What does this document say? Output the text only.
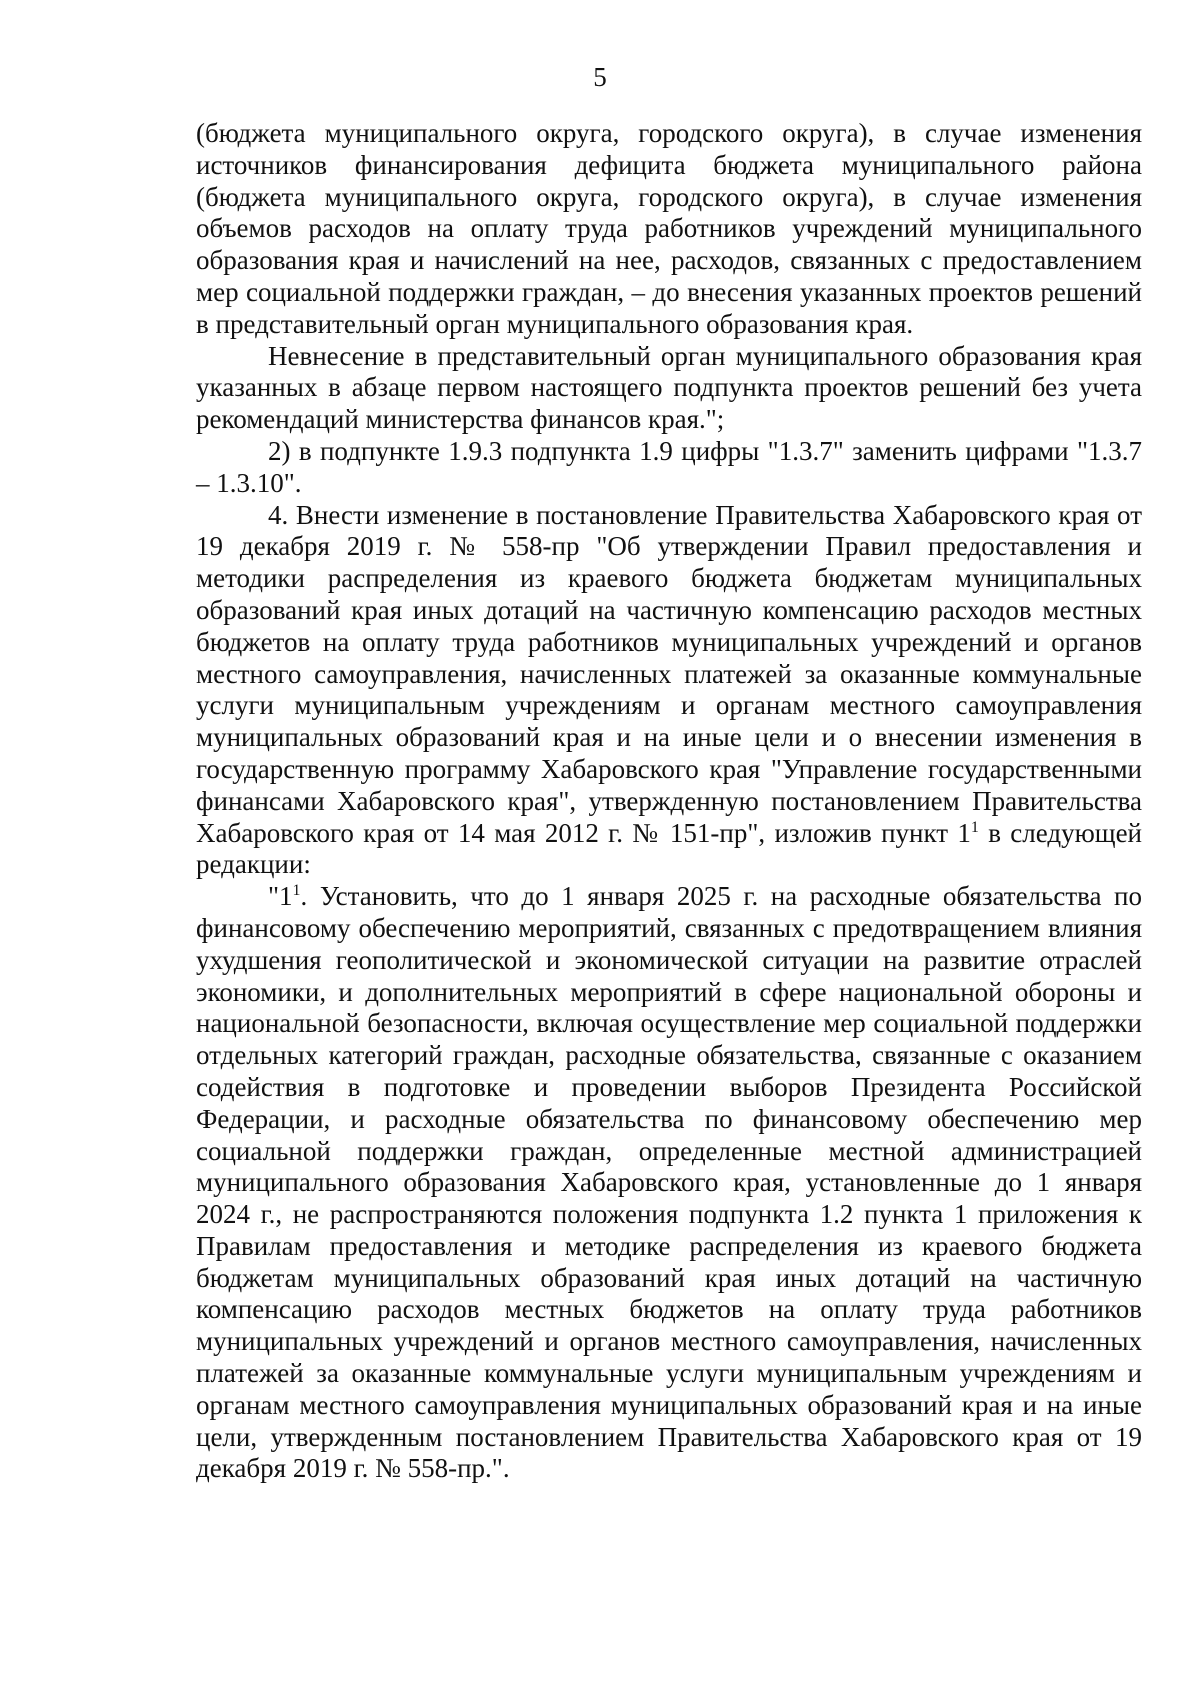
5

(бюджета муниципального округа, городского округа), в случае изменения источников финансирования дефицита бюджета муниципального района (бюджета муниципального округа, городского округа), в случае изменения объемов расходов на оплату труда работников учреждений муниципального образования края и начислений на нее, расходов, связанных с предоставлением мер социальной поддержки граждан, – до внесения указанных проектов решений в представительный орган муниципального образования края.

Невнесение в представительный орган муниципального образования края указанных в абзаце первом настоящего подпункта проектов решений без учета рекомендаций министерства финансов края.";

2) в подпункте 1.9.3 подпункта 1.9 цифры "1.3.7" заменить цифрами "1.3.7 – 1.3.10".

4. Внести изменение в постановление Правительства Хабаровского края от 19 декабря 2019 г. № 558-пр "Об утверждении Правил предоставления и методики распределения из краевого бюджета бюджетам муниципальных образований края иных дотаций на частичную компенсацию расходов местных бюджетов на оплату труда работников муниципальных учреждений и органов местного самоуправления, начисленных платежей за оказанные коммунальные услуги муниципальным учреждениям и органам местного самоуправления муниципальных образований края и на иные цели и о внесении изменения в государственную программу Хабаровского края "Управление государственными финансами Хабаровского края", утвержденную постановлением Правительства Хабаровского края от 14 мая 2012 г. № 151-пр", изложив пункт $1^1$ в следующей редакции:

"$1^1$. Установить, что до 1 января 2025 г. на расходные обязательства по финансовому обеспечению мероприятий, связанных с предотвращением влияния ухудшения геополитической и экономической ситуации на развитие отраслей экономики, и дополнительных мероприятий в сфере национальной обороны и национальной безопасности, включая осуществление мер социальной поддержки отдельных категорий граждан, расходные обязательства, связанные с оказанием содействия в подготовке и проведении выборов Президента Российской Федерации, и расходные обязательства по финансовому обеспечению мер социальной поддержки граждан, определенные местной администрацией муниципального образования Хабаровского края, установленные до 1 января 2024 г., не распространяются положения подпункта 1.2 пункта 1 приложения к Правилам предоставления и методике распределения из краевого бюджета бюджетам муниципальных образований края иных дотаций на частичную компенсацию расходов местных бюджетов на оплату труда работников муниципальных учреждений и органов местного самоуправления, начисленных платежей за оказанные коммунальные услуги муниципальным учреждениям и органам местного самоуправления муниципальных образований края и на иные цели, утвержденным постановлением Правительства Хабаровского края от 19 декабря 2019 г. № 558-пр.".
